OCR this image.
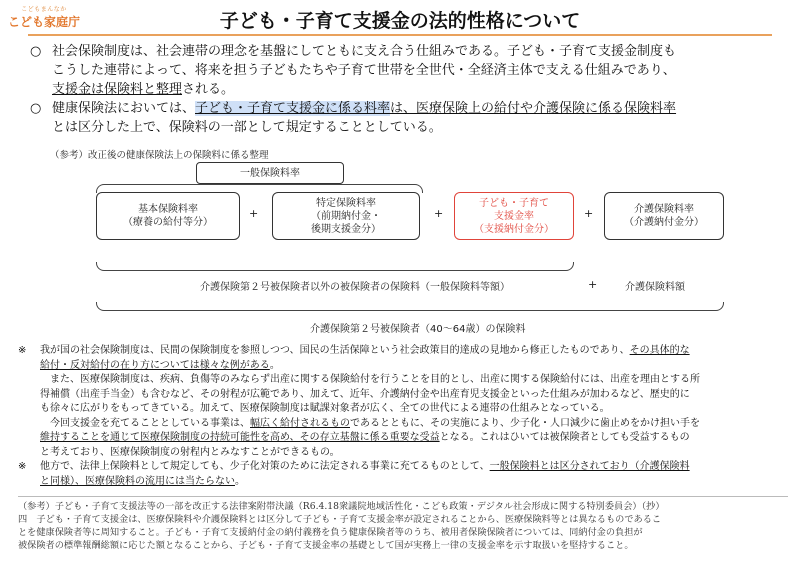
こどもまんなか
こども家庭庁	子ども・子育て支援金の法的性格について
○ 社会保険制度は、社会連帯の理念を基盤にしてともに支え合う仕組みである。子ども・子育て支援金制度も
こうした連帯によって、将来を担う子どもたちや子育て世帯を全世代・全経済主体で支える仕組みであり、
支援金は保険料と整理される。
○ 健康保険法においては、子ども・子育て支援金に係る料率は、医療保険上の給付や介護保険に係る保険料率
とは区分した上で、保険料の一部として規定することとしている。
（参考）改正後の健康保険法上の保険料に係る整理
一般保険料率
基本保険料率
（療養の給付等分）
+
特定保険料率
（前期納付金・
後期支援金分）
+
子ども・子育て
支援金率
（支援納付金分）
+	介護保険料率
（介護納付金分）
介護保険第２号被保険者以外の被保険者の保険料（一般保険料等額）	+	介護保険料額
介護保険第２号被保険者（40～64歳）の保険料
※ 我が国の社会保険制度は、民間の保険制度を参照しつつ、国民の生活保障という社会政策目的達成の見地から修正したものであり、その具体的な
給付・反対給付の在り方については様々な例がある。
　また、医療保険制度は、疾病、負傷等のみならず出産に関する保険給付を行うことを目的とし、出産に関する保険給付には、出産を理由とする所
得補償（出産手当金）も含むなど、その射程が広範であり、加えて、近年、介護納付金や出産育児支援金といった仕組みが加わるなど、歴史的に
も徐々に広がりをもってきている。加えて、医療保険制度は賦課対象者が広く、全ての世代による連帯の仕組みとなっている。
　今回支援金を充てることとしている事業は、幅広く給付されるものであるとともに、その実施により、少子化・人口減少に歯止めをかけ担い手を
維持することを通じて医療保険制度の持続可能性を高め、その存立基盤に係る重要な受益となる。これはひいては被保険者としても受益するもの
と考えており、医療保険制度の射程内とみなすことができるもの。
※ 他方で、法律上保険料として規定しても、少子化対策のために法定される事業に充てるものとして、一般保険料とは区分されており（介護保険料
と同様）、医療保険料の流用には当たらない。
（参考）子ども・子育て支援法等の一部を改正する法律案附帯決議（R6.4.18衆議院地域活性化・こども政策・デジタル社会形成に関する特別委員会）（抄）
四　子ども・子育て支援金は、医療保険料や介護保険料とは区分して子ども・子育て支援金率が設定されることから、医療保険料等とは異なるものであるこ
とを健康保険者等に周知すること。子ども・子育て支援納付金の納付義務を負う健康保険者等のうち、被用者保険保険者については、同納付金の負担が
被保険者の標準報酬総額に応じた額となることから、子ども・子育て支援金率の基礎として国が実務上一律の支援金率を示す取扱いを堅持すること。
